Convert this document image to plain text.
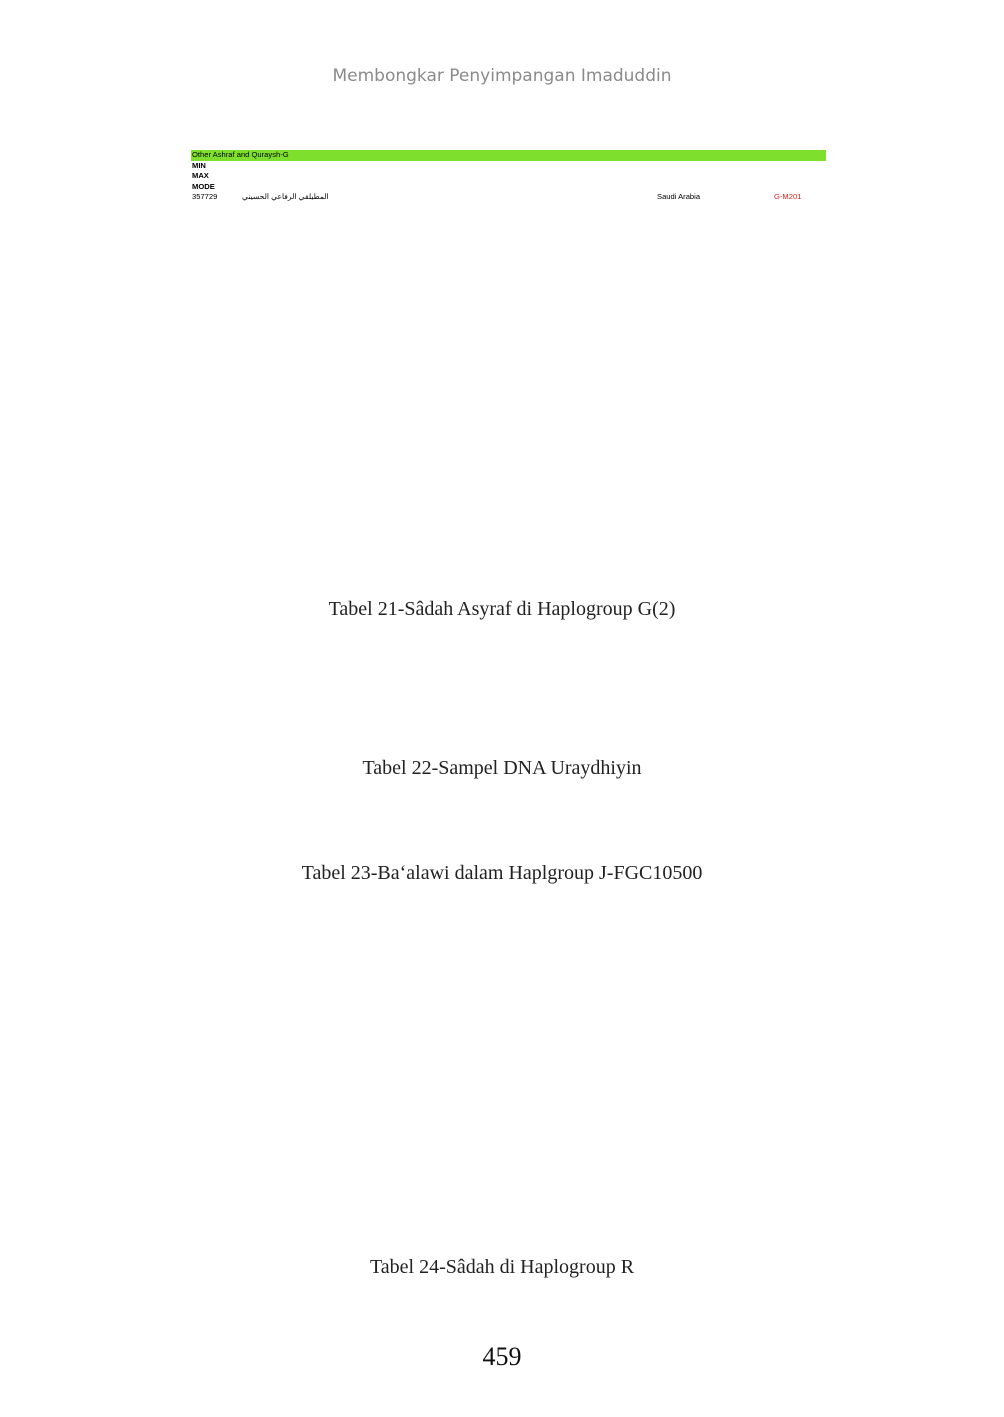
Membongkar Penyimpangan Imaduddin
Other Ashraf and Quraysh-G
MIN
MAX
MODE
357729	المطيلقي الرفاعي الحسيني		Saudi Arabia	G-M201
Tabel 21-Sâdah Asyraf di Haplogroup G(2)
Tabel 22-Sampel DNA Uraydhiyin
Tabel 23-Ba‘alawi dalam Haplgroup J-FGC10500
Tabel 24-Sâdah di Haplogroup R
459
